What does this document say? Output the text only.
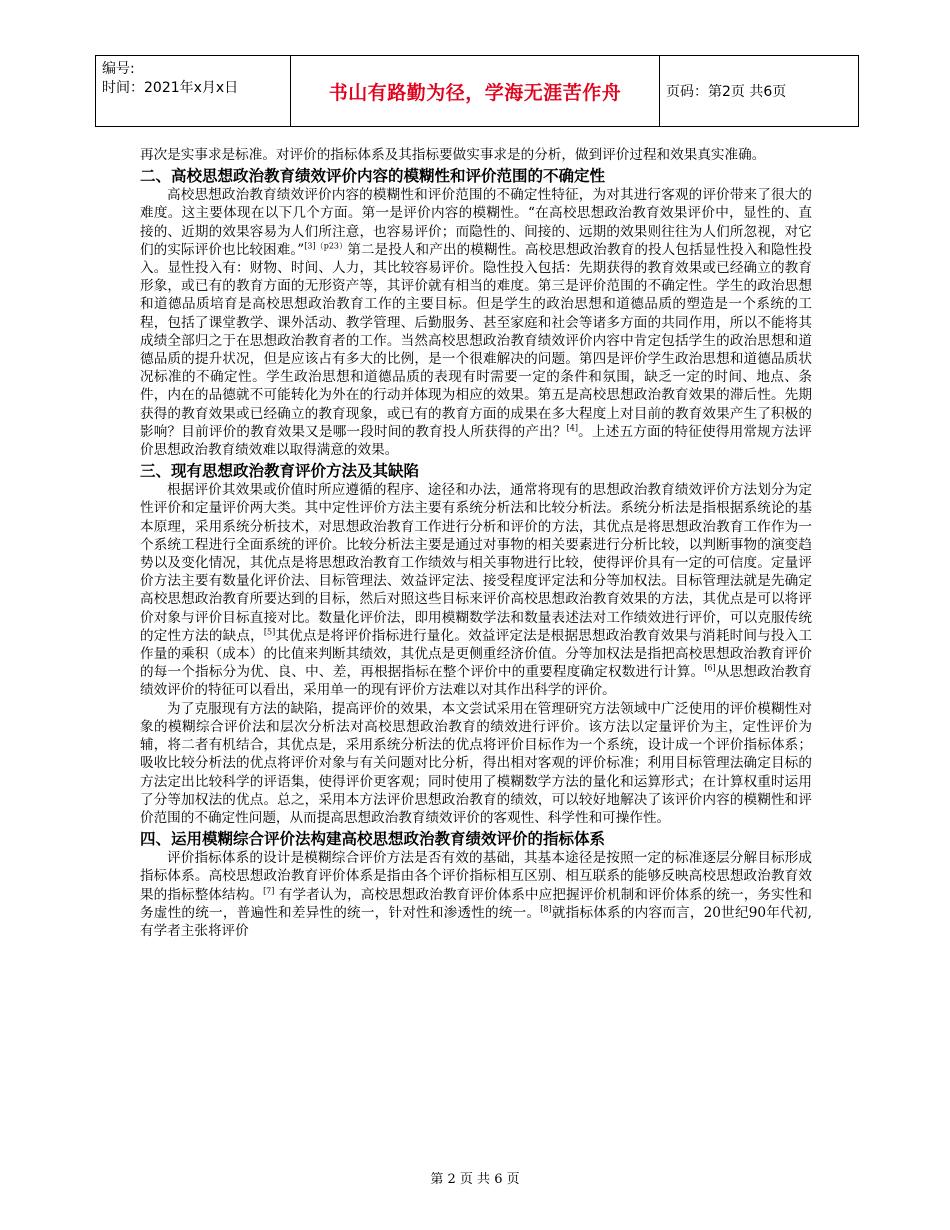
编号:
时间：2021年x月x日	书山有路勤为径，学海无涯苦作舟	页码：第2页 共6页

再次是实事求是标准。对评价的指标体系及其指标要做实事求是的分析，做到评价过程和效果真实准确。

二、高校思想政治教育绩效评价内容的模糊性和评价范围的不确定性

高校思想政治教育绩效评价内容的模糊性和评价范围的不确定性特征，为对其进行客观的评价带来了很大的难度。这主要体现在以下几个方面。第一是评价内容的模糊性。“在高校思想政治教育效果评价中，显性的、直接的、近期的效果容易为人们所注意，也容易评价；而隐性的、间接的、远期的效果则往往为人们所忽视，对它们的实际评价也比较困难。”$^{[3](p23)}$第二是投人和产出的模糊性。高校思想政治教育的投人包括显性投入和隐性投入。显性投入有：财物、时间、人力，其比较容易评价。隐性投入包括：先期获得的教育效果或已经确立的教育形象，或已有的教育方面的无形资产等，其评价就有相当的难度。第三是评价范围的不确定性。学生的政治思想和道德品质培育是高校思想政治教育工作的主要目标。但是学生的政治思想和道德品质的塑造是一个系统的工程，包括了课堂教学、课外活动、教学管理、后勤服务、甚至家庭和社会等诸多方面的共同作用，所以不能将其成绩全部归之于在思想政治教育者的工作。当然高校思想政治教育绩效评价内容中肯定包括学生的政治思想和道德品质的提升状况，但是应该占有多大的比例，是一个很难解决的问题。第四是评价学生政治思想和道德品质状况标准的不确定性。学生政治思想和道德品质的表现有时需要一定的条件和氛围，缺乏一定的时间、地点、条件，内在的品德就不可能转化为外在的行动并体现为相应的效果。第五是高校思想政治教育效果的滞后性。先期获得的教育效果或已经确立的教育现象，或已有的教育方面的成果在多大程度上对目前的教育效果产生了积极的影响？目前评价的教育效果又是哪一段时间的教育投人所获得的产出？[4]。上述五方面的特征使得用常规方法评价思想政治教育绩效难以取得满意的效果。

三、现有思想政治教育评价方法及其缺陷

根据评价其效果或价值时所应遵循的程序、途径和办法，通常将现有的思想政治教育绩效评价方法划分为定性评价和定量评价两大类。其中定性评价方法主要有系统分析法和比较分析法。系统分析法是指根据系统论的基本原理，采用系统分析技术，对思想政治教育工作进行分析和评价的方法，其优点是将思想政治教育工作作为一个系统工程进行全面系统的评价。比较分析法主要是通过对事物的相关要素进行分析比较，以判断事物的演变趋势以及变化情况，其优点是将思想政治教育工作绩效与相关事物进行比较，使得评价具有一定的可信度。定量评价方法主要有数量化评价法、目标管理法、效益评定法、接受程度评定法和分等加权法。目标管理法就是先确定高校思想政治教育所要达到的目标，然后对照这些目标来评价高校思想政治教育效果的方法，其优点是可以将评价对象与评价目标直接对比。数量化评价法，即用模糊数学法和数量表述法对工作绩效进行评价，可以克服传统的定性方法的缺点，[5]其优点是将评价指标进行量化。效益评定法是根据思想政治教育效果与消耗时间与投入工作量的乘积（成本）的比值来判断其绩效，其优点是更侧重经济价值。分等加权法是指把高校思想政治教育评价的每一个指标分为优、良、中、差，再根据指标在整个评价中的重要程度确定权数进行计算。[6]从思想政治教育绩效评价的特征可以看出，采用单一的现有评价方法难以对其作出科学的评价。

为了克服现有方法的缺陷，提高评价的效果，本文尝试采用在管理研究方法领域中广泛使用的评价模糊性对象的模糊综合评价法和层次分析法对高校思想政治教育的绩效进行评价。该方法以定量评价为主，定性评价为辅，将二者有机结合，其优点是，采用系统分析法的优点将评价目标作为一个系统，设计成一个评价指标体系；吸收比较分析法的优点将评价对象与有关问题对比分析，得出相对客观的评价标准；利用目标管理法确定目标的方法定出比较科学的评语集，使得评价更客观；同时使用了模糊数学方法的量化和运算形式；在计算权重时运用了分等加权法的优点。总之，采用本方法评价思想政治教育的绩效，可以较好地解决了该评价内容的模糊性和评价范围的不确定性问题，从而提高思想政治教育绩效评价的客观性、科学性和可操作性。

四、运用模糊综合评价法构建高校思想政治教育绩效评价的指标体系

评价指标体系的设计是模糊综合评价方法是否有效的基础，其基本途径是按照一定的标准逐层分解目标形成指标体系。高校思想政治教育评价体系是指由各个评价指标相互区别、相互联系的能够反映高校思想政治教育效果的指标整体结构。[7] 有学者认为，高校思想政治教育评价体系中应把握评价机制和评价体系的统一，务实性和务虚性的统一，普遍性和差异性的统一，针对性和渗透性的统一。[8]就指标体系的内容而言，20世纪90年代初,有学者主张将评价

第 2 页 共 6 页
